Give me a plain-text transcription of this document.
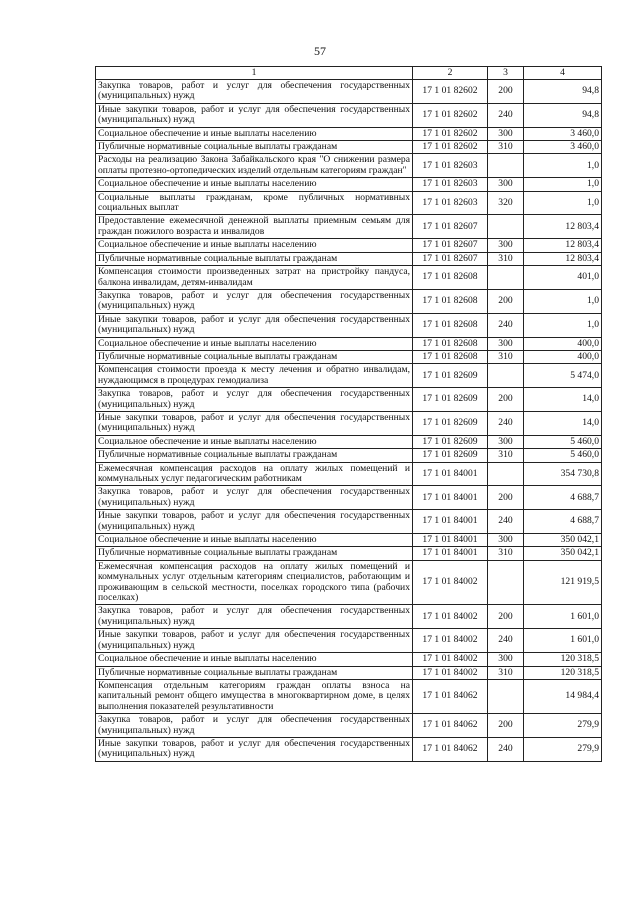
57
1	2	3	4
Закупка товаров, работ и услуг для обеспечения государственных (муниципальных) нужд	17 1 01 82602	200	94,8
Иные закупки товаров, работ и услуг для обеспечения государственных (муниципальных) нужд	17 1 01 82602	240	94,8
Социальное обеспечение и иные выплаты населению	17 1 01 82602	300	3 460,0
Публичные нормативные социальные выплаты гражданам	17 1 01 82602	310	3 460,0
Расходы на реализацию Закона Забайкальского края "О снижении размера оплаты протезно-ортопедических изделий отдельным категориям граждан"	17 1 01 82603		1,0
Социальное обеспечение и иные выплаты населению	17 1 01 82603	300	1,0
Социальные выплаты гражданам, кроме публичных нормативных социальных выплат	17 1 01 82603	320	1,0
Предоставление ежемесячной денежной выплаты приемным семьям для граждан пожилого возраста и инвалидов	17 1 01 82607		12 803,4
Социальное обеспечение и иные выплаты населению	17 1 01 82607	300	12 803,4
Публичные нормативные социальные выплаты гражданам	17 1 01 82607	310	12 803,4
Компенсация стоимости произведенных затрат на пристройку пандуса, балкона инвалидам, детям-инвалидам	17 1 01 82608		401,0
Закупка товаров, работ и услуг для обеспечения государственных (муниципальных) нужд	17 1 01 82608	200	1,0
Иные закупки товаров, работ и услуг для обеспечения государственных (муниципальных) нужд	17 1 01 82608	240	1,0
Социальное обеспечение и иные выплаты населению	17 1 01 82608	300	400,0
Публичные нормативные социальные выплаты гражданам	17 1 01 82608	310	400,0
Компенсация стоимости проезда к месту лечения и обратно инвалидам, нуждающимся в процедурах гемодиализа	17 1 01 82609		5 474,0
Закупка товаров, работ и услуг для обеспечения государственных (муниципальных) нужд	17 1 01 82609	200	14,0
Иные закупки товаров, работ и услуг для обеспечения государственных (муниципальных) нужд	17 1 01 82609	240	14,0
Социальное обеспечение и иные выплаты населению	17 1 01 82609	300	5 460,0
Публичные нормативные социальные выплаты гражданам	17 1 01 82609	310	5 460,0
Ежемесячная компенсация расходов на оплату жилых помещений и коммунальных услуг педагогическим работникам	17 1 01 84001		354 730,8
Закупка товаров, работ и услуг для обеспечения государственных (муниципальных) нужд	17 1 01 84001	200	4 688,7
Иные закупки товаров, работ и услуг для обеспечения государственных (муниципальных) нужд	17 1 01 84001	240	4 688,7
Социальное обеспечение и иные выплаты населению	17 1 01 84001	300	350 042,1
Публичные нормативные социальные выплаты гражданам	17 1 01 84001	310	350 042,1
Ежемесячная компенсация расходов на оплату жилых помещений и коммунальных услуг отдельным категориям специалистов, работающим и проживающим в сельской местности, поселках городского типа (рабочих поселках)	17 1 01 84002		121 919,5
Закупка товаров, работ и услуг для обеспечения государственных (муниципальных) нужд	17 1 01 84002	200	1 601,0
Иные закупки товаров, работ и услуг для обеспечения государственных (муниципальных) нужд	17 1 01 84002	240	1 601,0
Социальное обеспечение и иные выплаты населению	17 1 01 84002	300	120 318,5
Публичные нормативные социальные выплаты гражданам	17 1 01 84002	310	120 318,5
Компенсация отдельным категориям граждан оплаты взноса на капитальный ремонт общего имущества в многоквартирном доме, в целях выполнения показателей результативности	17 1 01 84062		14 984,4
Закупка товаров, работ и услуг для обеспечения государственных (муниципальных) нужд	17 1 01 84062	200	279,9
Иные закупки товаров, работ и услуг для обеспечения государственных (муниципальных) нужд	17 1 01 84062	240	279,9
